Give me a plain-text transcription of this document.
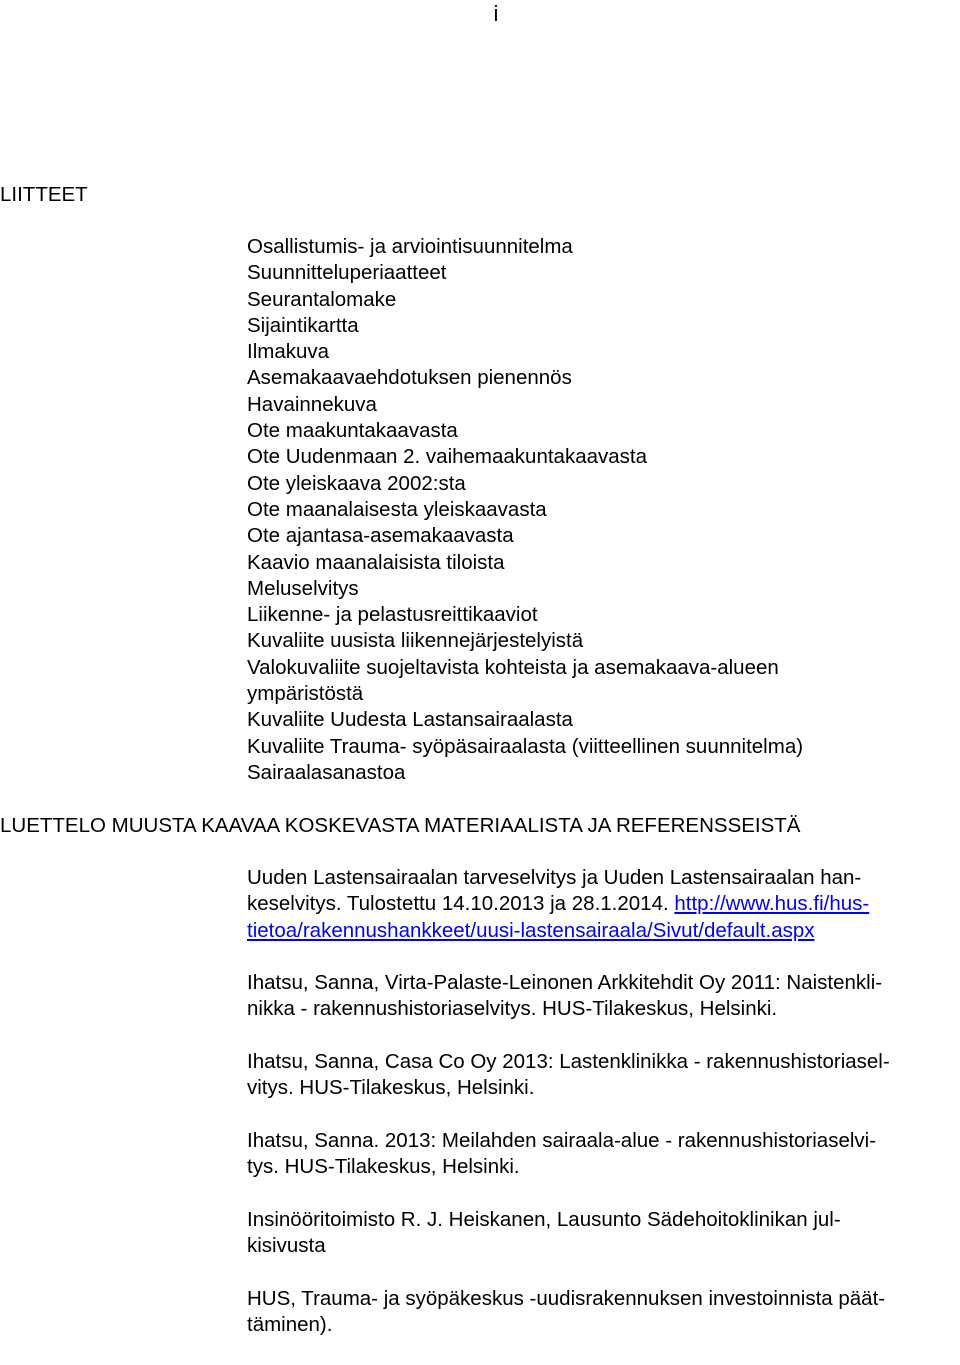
i
LIITTEET
Osallistumis- ja arviointisuunnitelma
Suunnitteluperiaatteet
Seurantalomake
Sijaintikartta
Ilmakuva
Asemakaavaehdotuksen pienennös
Havainnekuva
Ote maakuntakaavasta
Ote Uudenmaan 2. vaihemaakuntakaavasta
Ote yleiskaava 2002:sta
Ote maanalaisesta yleiskaavasta
Ote ajantasa-asemakaavasta
Kaavio maanalaisista tiloista
Meluselvitys
Liikenne- ja pelastusreittikaaviot
Kuvaliite uusista liikennejärjestelyistä
Valokuvaliite suojeltavista kohteista ja asemakaava-alueen
ympäristöstä
Kuvaliite Uudesta Lastansairaalasta
Kuvaliite Trauma- syöpäsairaalasta (viitteellinen suunnitelma)
Sairaalasanastoa
LUETTELO MUUSTA KAAVAA KOSKEVASTA MATERIAALISTA JA REFERENSSEISTÄ
Uuden Lastensairaalan tarveselvitys ja Uuden Lastensairaalan han-
keselvitys. Tulostettu 14.10.2013 ja 28.1.2014. http://www.hus.fi/hus-
tietoa/rakennushankkeet/uusi-lastensairaala/Sivut/default.aspx
Ihatsu, Sanna, Virta-Palaste-Leinonen Arkkitehdit Oy 2011: Naistenkli-
nikka - rakennushistoriaselvitys. HUS-Tilakeskus, Helsinki.
Ihatsu, Sanna, Casa Co Oy 2013: Lastenklinikka - rakennushistoriasel-
vitys. HUS-Tilakeskus, Helsinki.
Ihatsu, Sanna. 2013: Meilahden sairaala-alue - rakennushistoriaselvi-
tys. HUS-Tilakeskus, Helsinki.
Insinööritoimisto R. J. Heiskanen, Lausunto Sädehoitoklinikan jul-
kisivusta
HUS, Trauma- ja syöpäkeskus -uudisrakennuksen investoinnista päät-
täminen).
